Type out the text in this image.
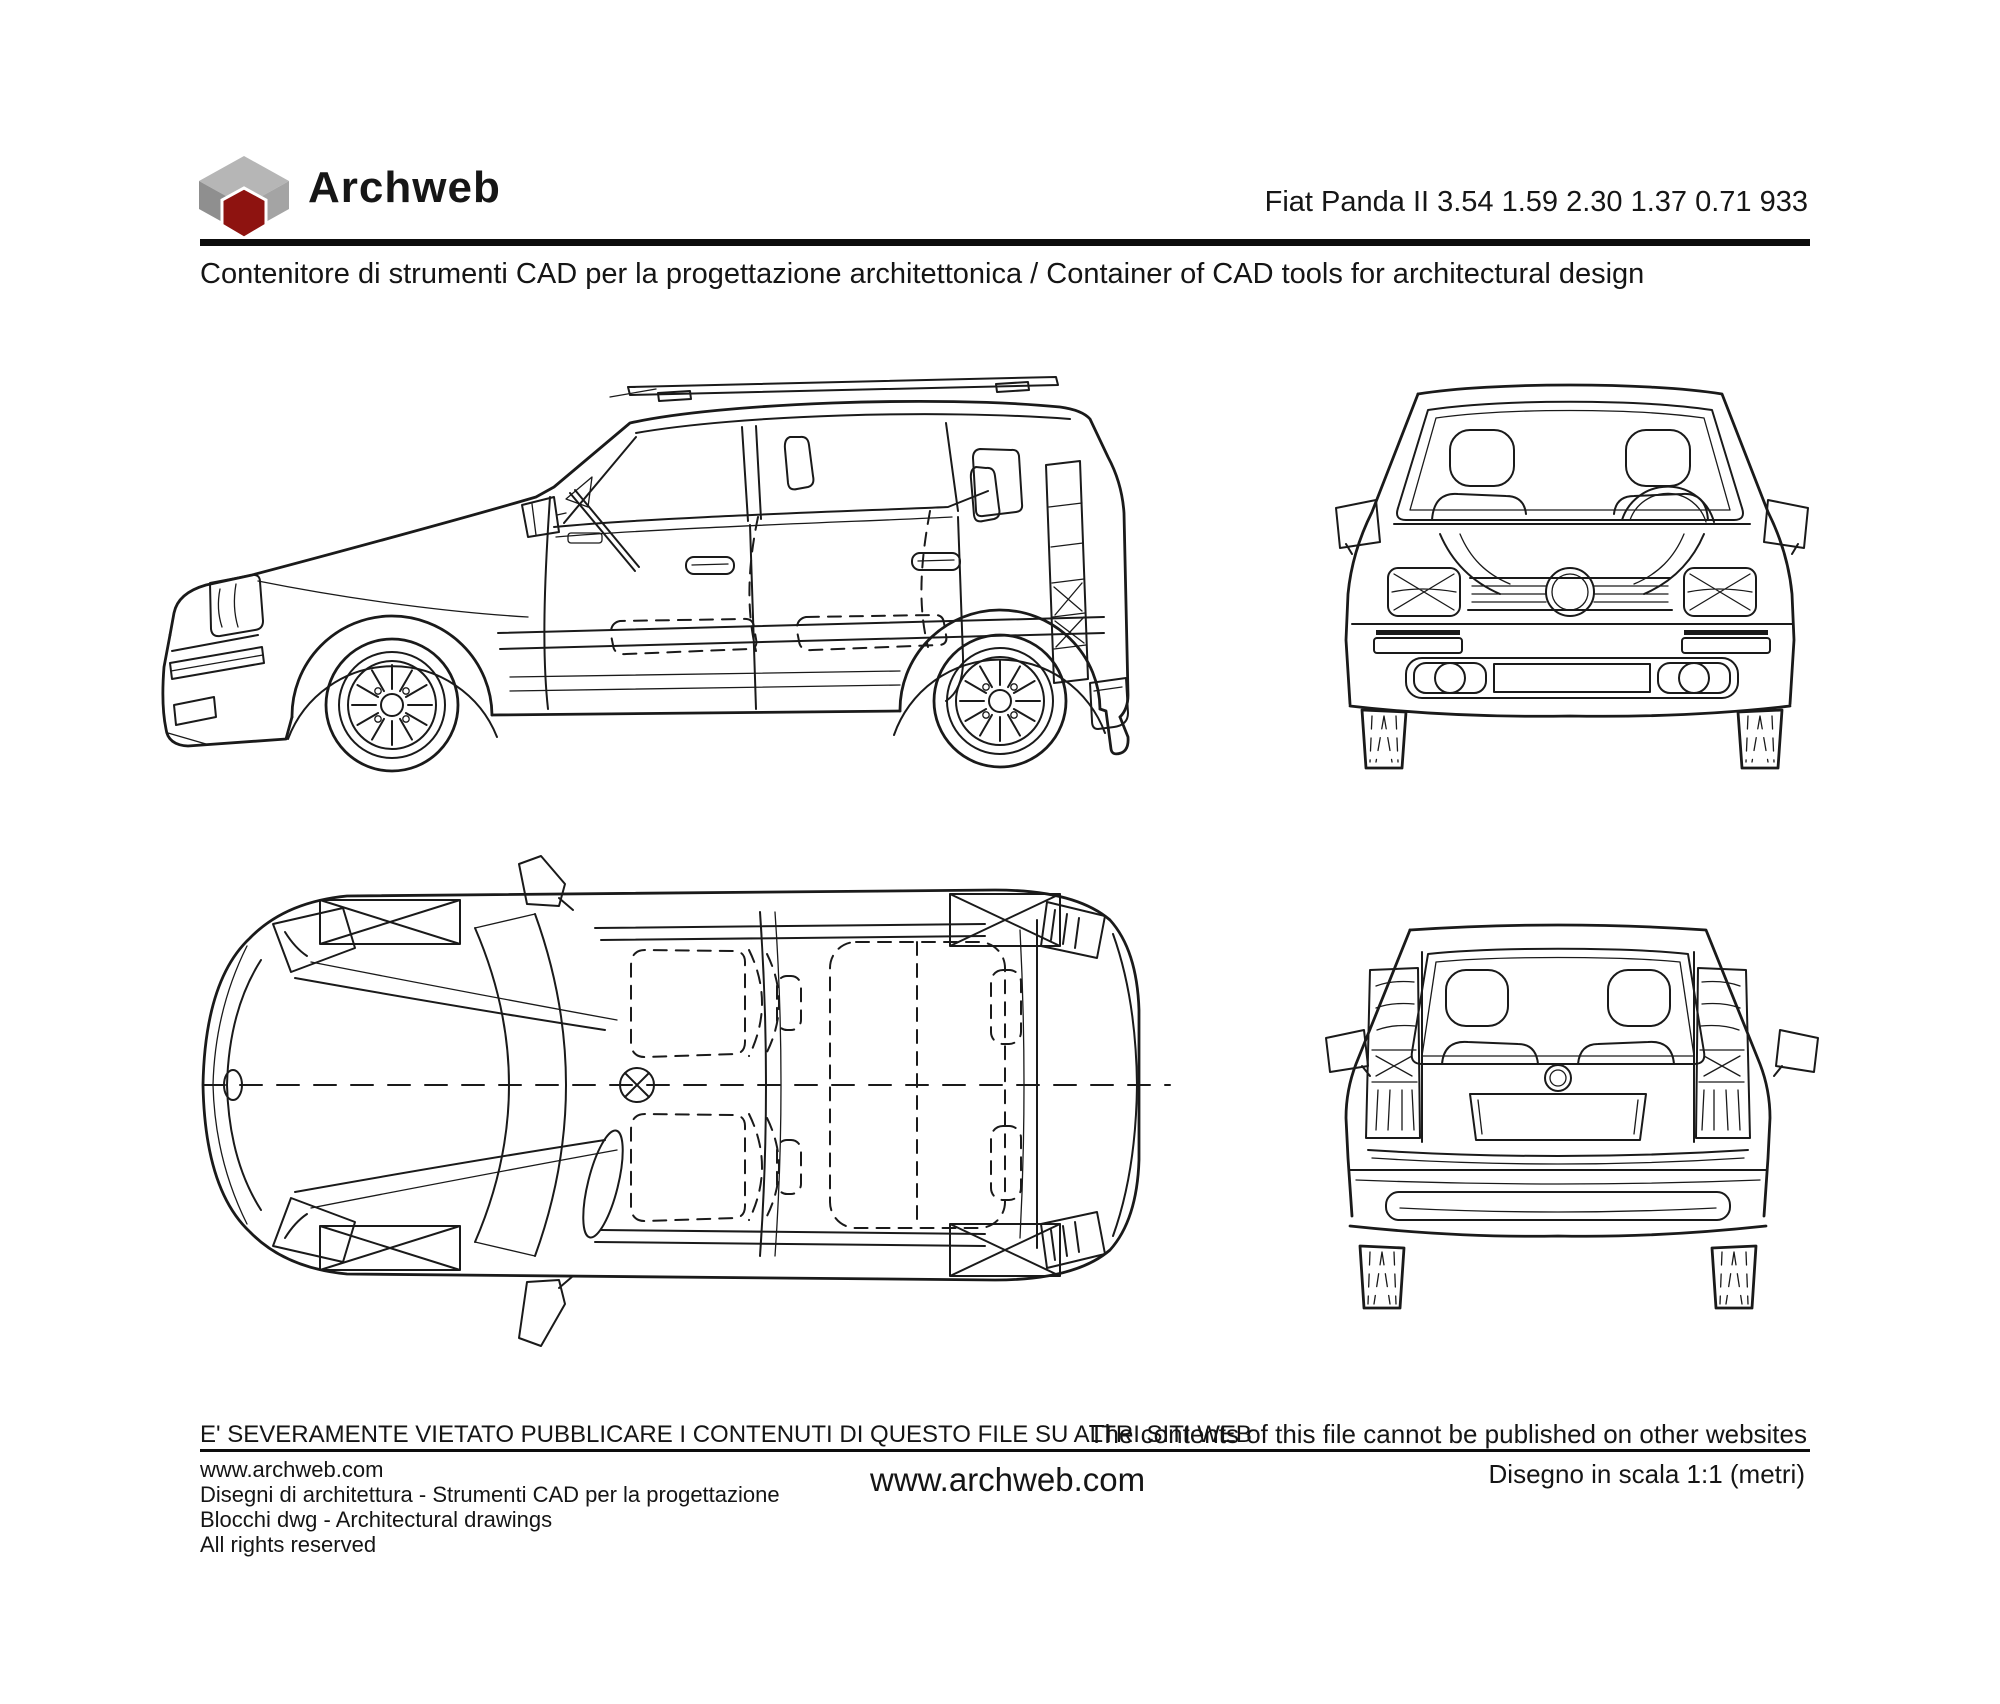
Archweb	Fiat Panda II 3.54 1.59 2.30 1.37 0.71 933
Contenitore di strumenti CAD per la progettazione architettonica / Container of CAD tools for architectural design
E' SEVERAMENTE VIETATO PUBBLICARE I CONTENUTI DI QUESTO FILE SU ALTRI SITI WEB
The contents of this file cannot be published on other websites
www.archweb.com
Disegni di architettura - Strumenti CAD per la progettazione
Blocchi dwg - Architectural drawings
All rights reserved
www.archweb.com	Disegno in scala 1:1 (metri)
